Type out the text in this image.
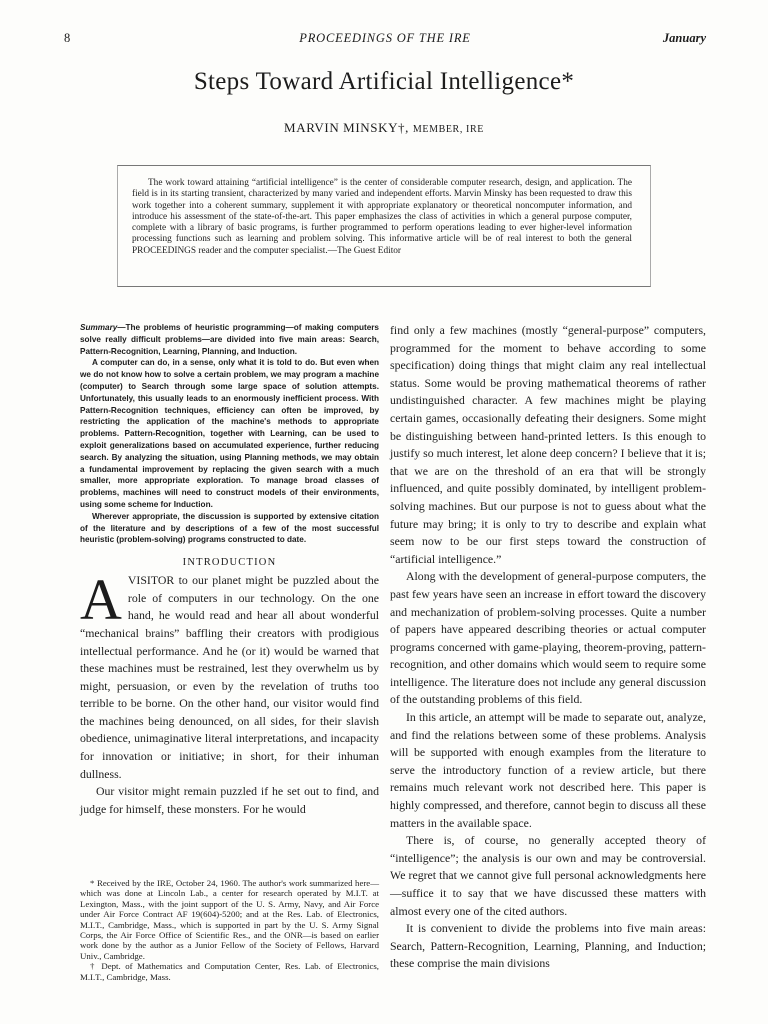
8	PROCEEDINGS OF THE IRE	January
Steps Toward Artificial Intelligence*
MARVIN MINSKY†, MEMBER, IRE

The work toward attaining “artificial intelligence” is the center of considerable computer research, design, and application. The field is in its starting transient, characterized by many varied and independent efforts. Marvin Minsky has been requested to draw this work together into a coherent summary, supplement it with appropriate explanatory or theoretical noncomputer information, and introduce his assessment of the state-of-the-art. This paper emphasizes the class of activities in which a general purpose computer, complete with a library of basic programs, is further programmed to perform operations leading to ever higher-level information processing functions such as learning and problem solving. This informative article will be of real interest to both the general PROCEEDINGS reader and the computer specialist.—The Guest Editor

Summary—The problems of heuristic programming—of making computers solve really difficult problems—are divided into five main areas: Search, Pattern-Recognition, Learning, Planning, and Induction.

A computer can do, in a sense, only what it is told to do. But even when we do not know how to solve a certain problem, we may program a machine (computer) to Search through some large space of solution attempts. Unfortunately, this usually leads to an enormously inefficient process. With Pattern-Recognition techniques, efficiency can often be improved, by restricting the application of the machine's methods to appropriate problems. Pattern-Recognition, together with Learning, can be used to exploit generalizations based on accumulated experience, further reducing search. By analyzing the situation, using Planning methods, we may obtain a fundamental improvement by replacing the given search with a much smaller, more appropriate exploration. To manage broad classes of problems, machines will need to construct models of their environments, using some scheme for Induction.

Wherever appropriate, the discussion is supported by extensive citation of the literature and by descriptions of a few of the most successful heuristic (problem-solving) programs constructed to date.

INTRODUCTION

A VISITOR to our planet might be puzzled about the role of computers in our technology. On the one hand, he would read and hear all about wonderful “mechanical brains” baffling their creators with prodigious intellectual performance. And he (or it) would be warned that these machines must be restrained, lest they overwhelm us by might, persuasion, or even by the revelation of truths too terrible to be borne. On the other hand, our visitor would find the machines being denounced, on all sides, for their slavish obedience, unimaginative literal interpretations, and incapacity for innovation or initiative; in short, for their inhuman dullness.

Our visitor might remain puzzled if he set out to find, and judge for himself, these monsters. For he would

* Received by the IRE, October 24, 1960. The author's work summarized here—which was done at Lincoln Lab., a center for research operated by M.I.T. at Lexington, Mass., with the joint support of the U. S. Army, Navy, and Air Force under Air Force Contract AF 19(604)-5200; and at the Res. Lab. of Electronics, M.I.T., Cambridge, Mass., which is supported in part by the U. S. Army Signal Corps, the Air Force Office of Scientific Res., and the ONR—is based on earlier work done by the author as a Junior Fellow of the Society of Fellows, Harvard Univ., Cambridge.

† Dept. of Mathematics and Computation Center, Res. Lab. of Electronics, M.I.T., Cambridge, Mass.

find only a few machines (mostly “general-purpose” computers, programmed for the moment to behave according to some specification) doing things that might claim any real intellectual status. Some would be proving mathematical theorems of rather undistinguished character. A few machines might be playing certain games, occasionally defeating their designers. Some might be distinguishing between hand-printed letters. Is this enough to justify so much interest, let alone deep concern? I believe that it is; that we are on the threshold of an era that will be strongly influenced, and quite possibly dominated, by intelligent problem-solving machines. But our purpose is not to guess about what the future may bring; it is only to try to describe and explain what seem now to be our first steps toward the construction of “artificial intelligence.”

Along with the development of general-purpose computers, the past few years have seen an increase in effort toward the discovery and mechanization of problem-solving processes. Quite a number of papers have appeared describing theories or actual computer programs concerned with game-playing, theorem-proving, pattern-recognition, and other domains which would seem to require some intelligence. The literature does not include any general discussion of the outstanding problems of this field.

In this article, an attempt will be made to separate out, analyze, and find the relations between some of these problems. Analysis will be supported with enough examples from the literature to serve the introductory function of a review article, but there remains much relevant work not described here. This paper is highly compressed, and therefore, cannot begin to discuss all these matters in the available space.

There is, of course, no generally accepted theory of “intelligence”; the analysis is our own and may be controversial. We regret that we cannot give full personal acknowledgments here—suffice it to say that we have discussed these matters with almost every one of the cited authors.

It is convenient to divide the problems into five main areas: Search, Pattern-Recognition, Learning, Planning, and Induction; these comprise the main divisions
